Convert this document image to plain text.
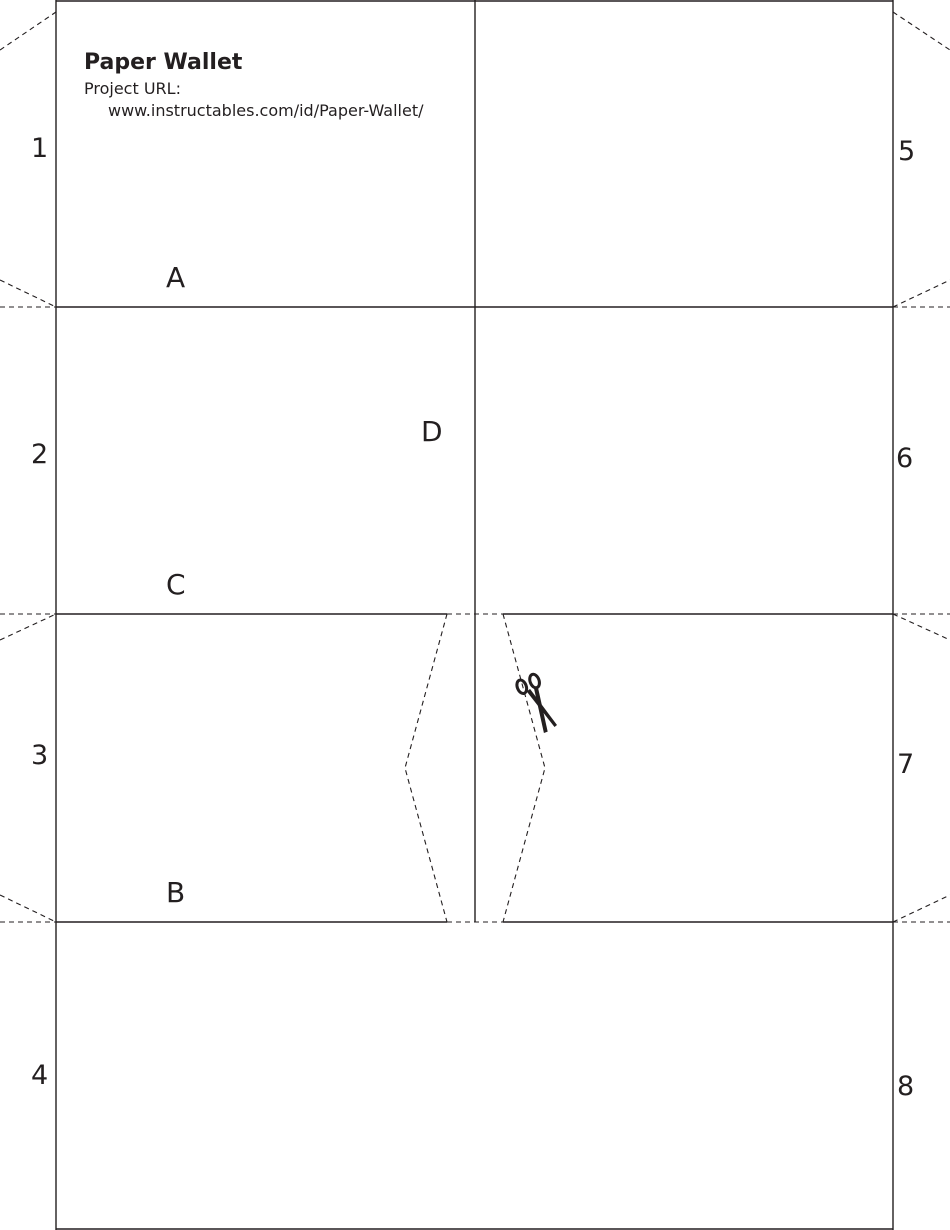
Paper Wallet
Project URL:
www.instructables.com/id/Paper-Wallet/
1
2
3
4
5
6
7
8
A
D
C
B
